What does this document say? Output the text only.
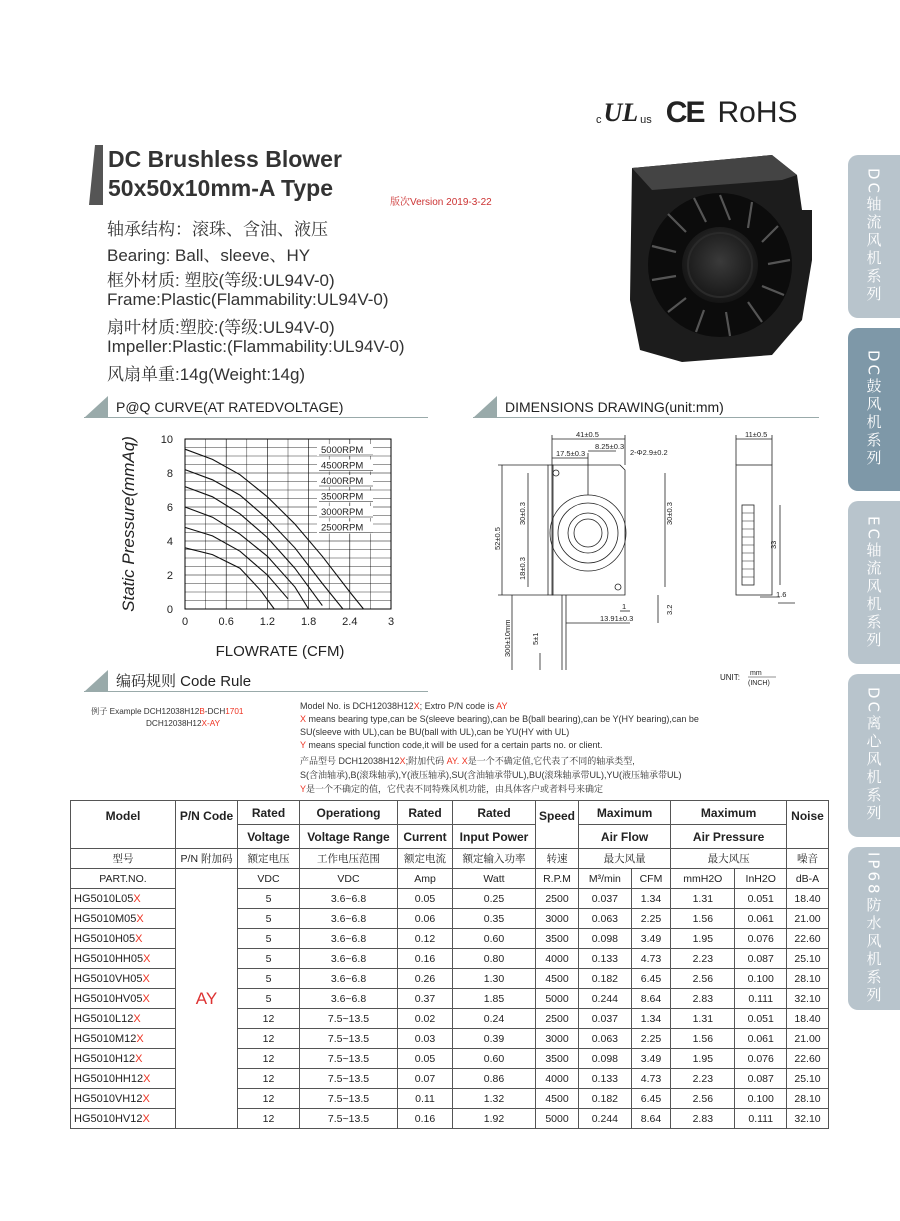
DC轴流风机系列
DC鼓风机系列
EC轴流风机系列
DC离心风机系列
IP68防水风机系列
c UL us CE RoHS
DC Brushless Blower
50x50x10mm-A Type
版次Version 2019-3-22
轴承结构：滚珠、含油、液压
Bearing: Ball、sleeve、HY
框外材质: 塑胶(等级:UL94V-0)
Frame:Plastic(Flammability:UL94V-0)
扇叶材质:塑胶:(等级:UL94V-0)
Impeller:Plastic:(Flammability:UL94V-0)
风扇单重:14g(Weight:14g)
P@Q CURVE(AT RATEDVOLTAGE)	DIMENSIONS DRAWING(unit:mm)
编码规则 Code Rule
0	0.6 1.2 1.8 2.4	3
0
2
4
6
8
10
FLOWRATE (CFM)
Static Pressure(mmAq)	5000RPM
4500RPM
4000RPM
3500RPM
3000RPM
2500RPM
41±0.5	11±0.5
17.5±0.3
8.25±0.3
2-Φ2.9±0.2
30±0.3	30±0.3
52±0.5
18±0.3
33
1.6
1	3.2
13.91±0.3
300±10mm	5±1
UNIT: mm
(INCH)
例子 Example DCH12038H12B-DCH1701
DCH12038H12X-AY
Model No. is DCH12038H12X; Extro P/N code is AY
X means bearing type,can be S(sleeve bearing),can be B(ball bearing),can be Y(HY bearing),can be
SU(sleeve with UL),can be BU(ball with UL),can be YU(HY with UL)
Y means special function code,it will be used for a certain parts no. or client.
产品型号 DCH12038H12X;附加代码 AY. X是一个不确定值,它代表了不同的轴承类型,
S(含油轴承),B(滚珠轴承),Y(液压轴承),SU(含油轴承带UL),BU(滚珠轴承带UL),YU(液压轴承带UL)
Y是一个不确定的值，它代表不同特殊风机功能，由具体客户或者料号来确定
Model	P/N Code	Rated	Operationg	Rated	Rated	Speed	Maximum		Maximum		Noise
		Voltage	Voltage Range	Current	Input Power		Air Flow		Air Pressure		
型号	P/N 附加码	额定电压	工作电压范围	额定电流	额定输入功率	转速	最大风量		最大风压		噪音
PART.NO.	AY	VDC	VDC	Amp	Watt	R.P.M	M³/min	CFM	mmH2O	InH2O	dB-A
HG5010L05X		5	3.6~6.8	0.05	0.25	2500	0.037	1.34	1.31	0.051	18.40
HG5010M05X		5	3.6~6.8	0.06	0.35	3000	0.063	2.25	1.56	0.061	21.00
HG5010H05X		5	3.6~6.8	0.12	0.60	3500	0.098	3.49	1.95	0.076	22.60
HG5010HH05X		5	3.6~6.8	0.16	0.80	4000	0.133	4.73	2.23	0.087	25.10
HG5010VH05X		5	3.6~6.8	0.26	1.30	4500	0.182	6.45	2.56	0.100	28.10
HG5010HV05X		5	3.6~6.8	0.37	1.85	5000	0.244	8.64	2.83	0.111	32.10
HG5010L12X		12	7.5~13.5	0.02	0.24	2500	0.037	1.34	1.31	0.051	18.40
HG5010M12X		12	7.5~13.5	0.03	0.39	3000	0.063	2.25	1.56	0.061	21.00
HG5010H12X		12	7.5~13.5	0.05	0.60	3500	0.098	3.49	1.95	0.076	22.60
HG5010HH12X		12	7.5~13.5	0.07	0.86	4000	0.133	4.73	2.23	0.087	25.10
HG5010VH12X		12	7.5~13.5	0.11	1.32	4500	0.182	6.45	2.56	0.100	28.10
HG5010HV12X		12	7.5~13.5	0.16	1.92	5000	0.244	8.64	2.83	0.111	32.10
